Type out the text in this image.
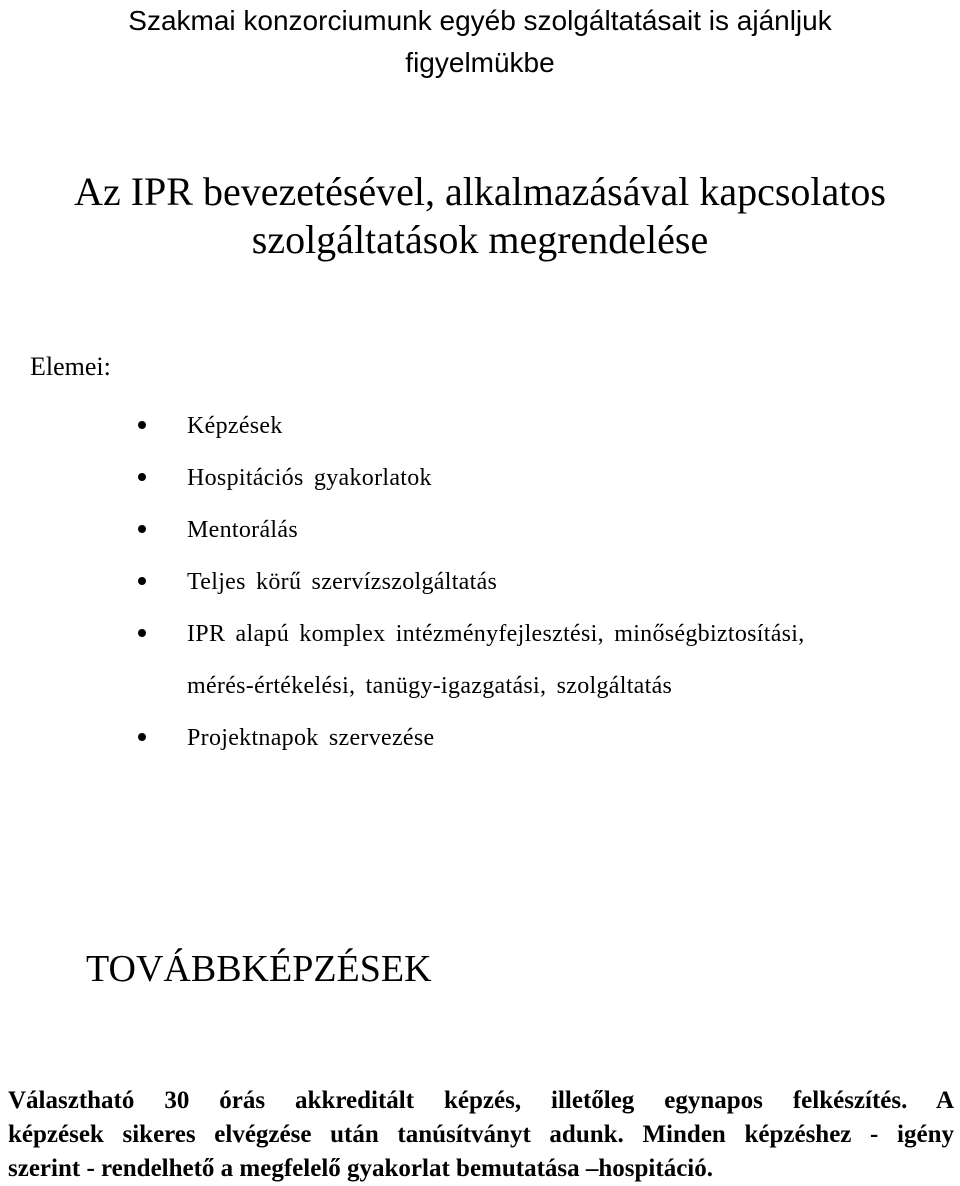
Szakmai konzorciumunk egyéb szolgáltatásait is ajánljuk
figyelmükbe
Az IPR bevezetésével, alkalmazásával kapcsolatos
szolgáltatások megrendelése

Elemei:

Képzések
Hospitációs gyakorlatok
Mentorálás
Teljes körű szervízszolgáltatás
IPR alapú komplex intézményfejlesztési, minőségbiztosítási,
mérés-értékelési, tanügy-igazgatási, szolgáltatás
Projektnapok szervezése
TOVÁBBKÉPZÉSEK

Választható 30 órás akkreditált képzés, illetőleg egynapos felkészítés. A
képzések sikeres elvégzése után tanúsítványt adunk. Minden képzéshez - igény
szerint - rendelhető a megfelelő gyakorlat bemutatása –hospitáció.
